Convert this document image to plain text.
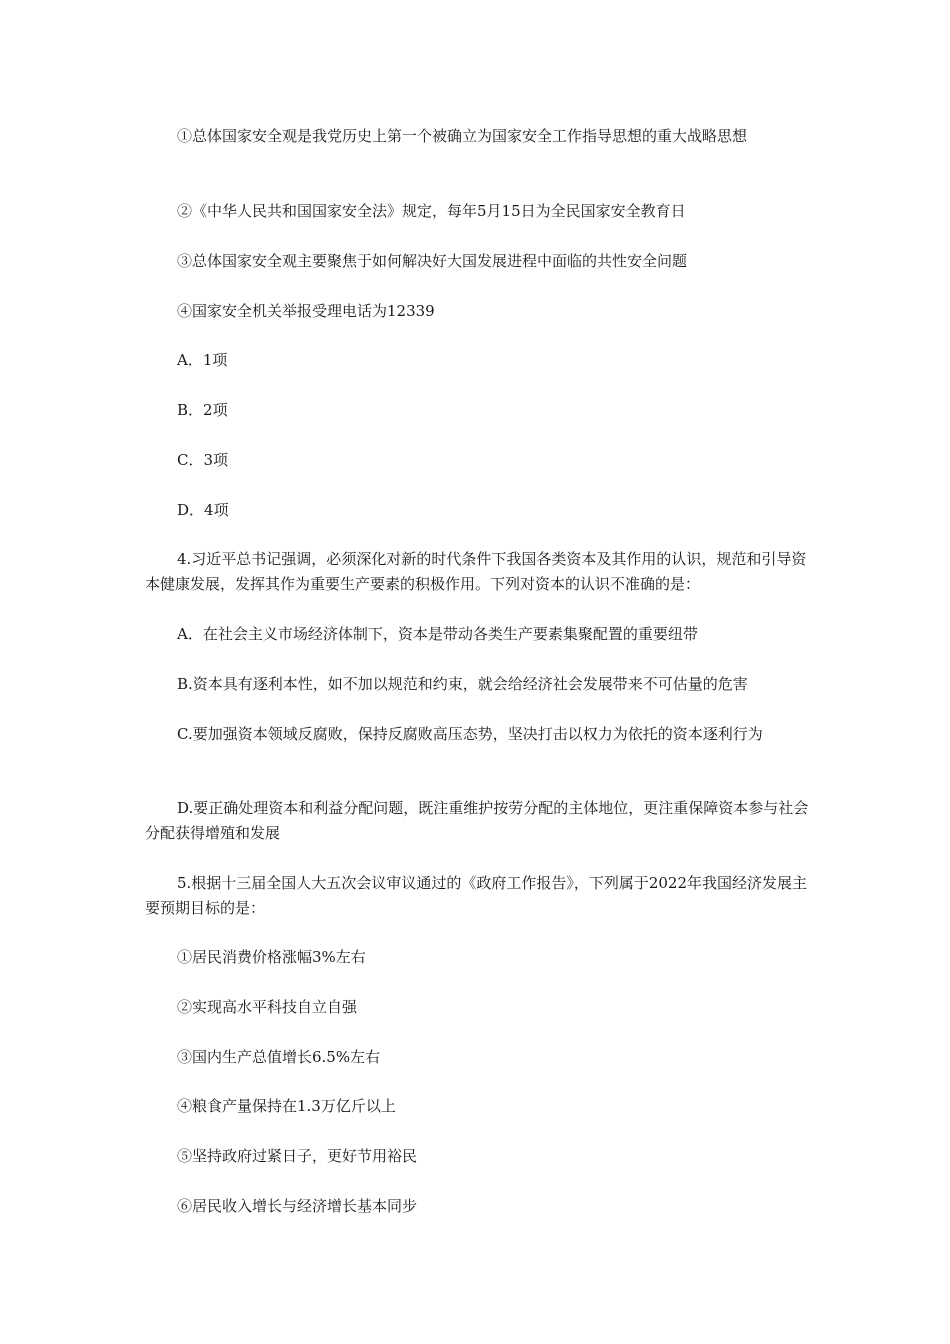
①总体国家安全观是我党历史上第一个被确立为国家安全工作指导思想的重大战略思想

②《中华人民共和国国家安全法》规定，每年5月15日为全民国家安全教育日

③总体国家安全观主要聚焦于如何解决好大国发展进程中面临的共性安全问题

④国家安全机关举报受理电话为12339

A．1项

B．2项

C．3项

D．4项

4.习近平总书记强调，必须深化对新的时代条件下我国各类资本及其作用的认识，规范和引导资本健康发展，发挥其作为重要生产要素的积极作用。下列对资本的认识不准确的是：

A．在社会主义市场经济体制下，资本是带动各类生产要素集聚配置的重要纽带

B.资本具有逐利本性，如不加以规范和约束，就会给经济社会发展带来不可估量的危害

C.要加强资本领域反腐败，保持反腐败高压态势，坚决打击以权力为依托的资本逐利行为

D.要正确处理资本和利益分配问题，既注重维护按劳分配的主体地位，更注重保障资本参与社会分配获得增殖和发展

5.根据十三届全国人大五次会议审议通过的《政府工作报告》，下列属于2022年我国经济发展主要预期目标的是：

①居民消费价格涨幅3%左右

②实现高水平科技自立自强

③国内生产总值增长6.5%左右

④粮食产量保持在1.3万亿斤以上

⑤坚持政府过紧日子，更好节用裕民

⑥居民收入增长与经济增长基本同步
